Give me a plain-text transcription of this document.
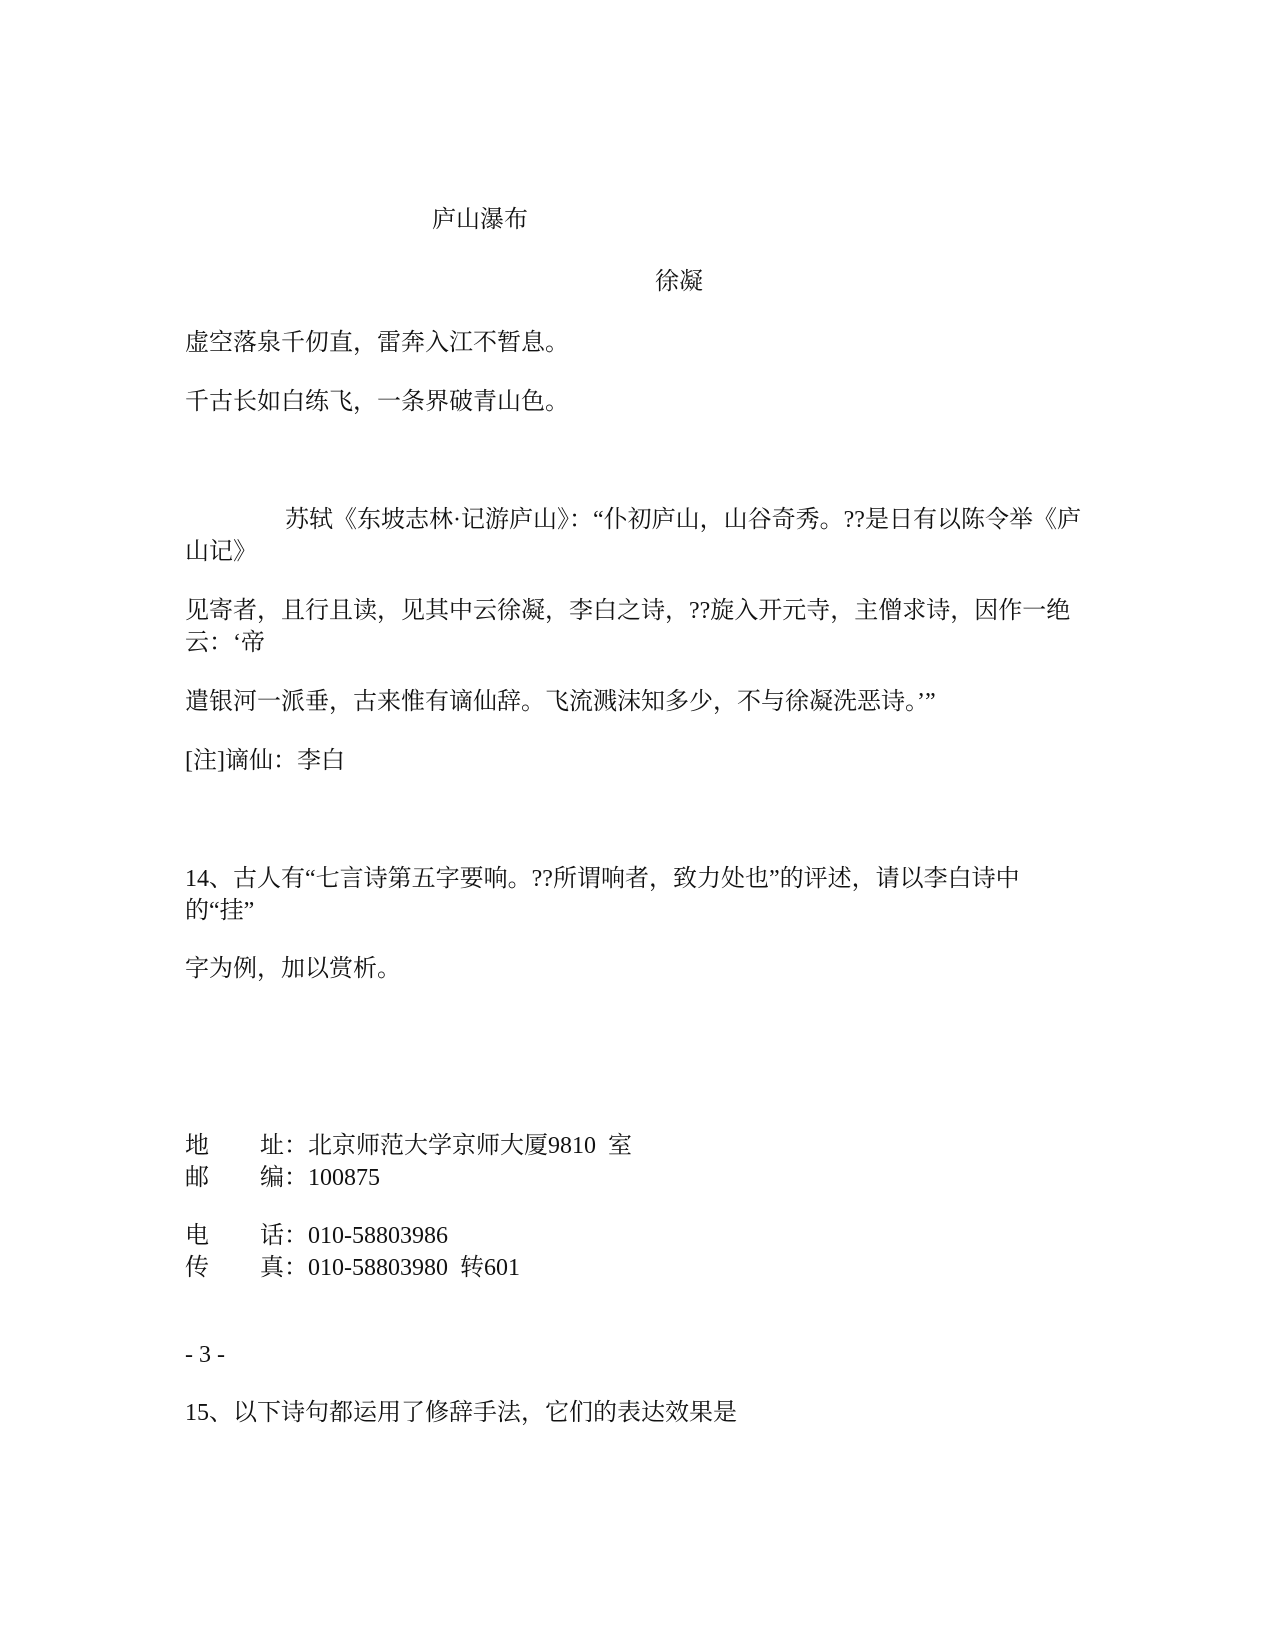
庐山瀑布
徐凝
虚空落泉千仞直，雷奔入江不暂息。
千古长如白练飞，一条界破青山色。
苏轼《东坡志林·记游庐山》：“仆初庐山，山谷奇秀。??是日有以陈令举《庐山记》
见寄者，且行且读，见其中云徐凝，李白之诗，??旋入开元寺，主僧求诗，因作一绝云：‘帝
遣银河一派垂，古来惟有谪仙辞。飞流溅沫知多少，不与徐凝洗恶诗。’”
[注]谪仙：李白
14、古人有“七言诗第五字要响。??所谓响者，致力处也”的评述，请以李白诗中的“挂”
字为例，加以赏析。
地 址：北京师范大学京师大厦9810  室
邮 编：100875
电 话：010-58803986
传 真：010-58803980  转601
- 3 -
15、以下诗句都运用了修辞手法，它们的表达效果是
